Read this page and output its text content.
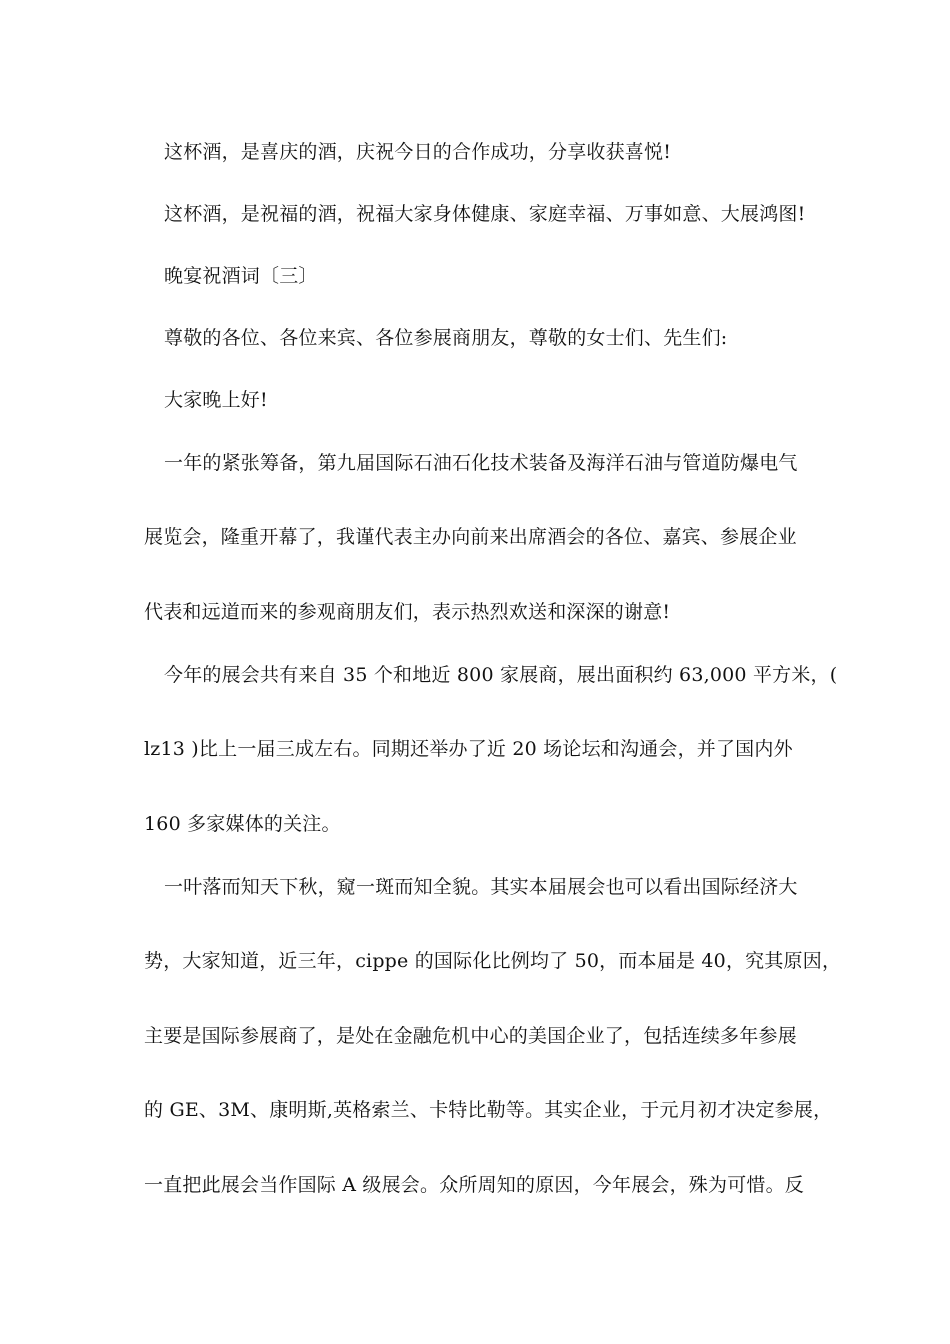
这杯酒，是喜庆的酒，庆祝今日的合作成功，分享收获喜悦!
这杯酒，是祝福的酒，祝福大家身体健康、家庭幸福、万事如意、大展鸿图!
晚宴祝酒词〔三〕
尊敬的各位、各位来宾、各位参展商朋友，尊敬的女士们、先生们:
大家晚上好!
一年的紧张筹备，第九届国际石油石化技术装备及海洋石油与管道防爆电气
展览会，隆重开幕了，我谨代表主办向前来出席酒会的各位、嘉宾、参展企业
代表和远道而来的参观商朋友们，表示热烈欢送和深深的谢意!
今年的展会共有来自 35 个和地近 800 家展商，展出面积约 63,000 平方米，(
lz13 )比上一届三成左右。同期还举办了近 20 场论坛和沟通会，并了国内外
160 多家媒体的关注。
一叶落而知天下秋，窥一斑而知全貌。其实本届展会也可以看出国际经济大
势，大家知道，近三年，cippe 的国际化比例均了 50，而本届是 40，究其原因，
主要是国际参展商了，是处在金融危机中心的美国企业了，包括连续多年参展
的 GE、3M、康明斯,英格索兰、卡特比勒等。其实企业，于元月初才决定参展，
一直把此展会当作国际 A 级展会。众所周知的原因，今年展会，殊为可惜。反
